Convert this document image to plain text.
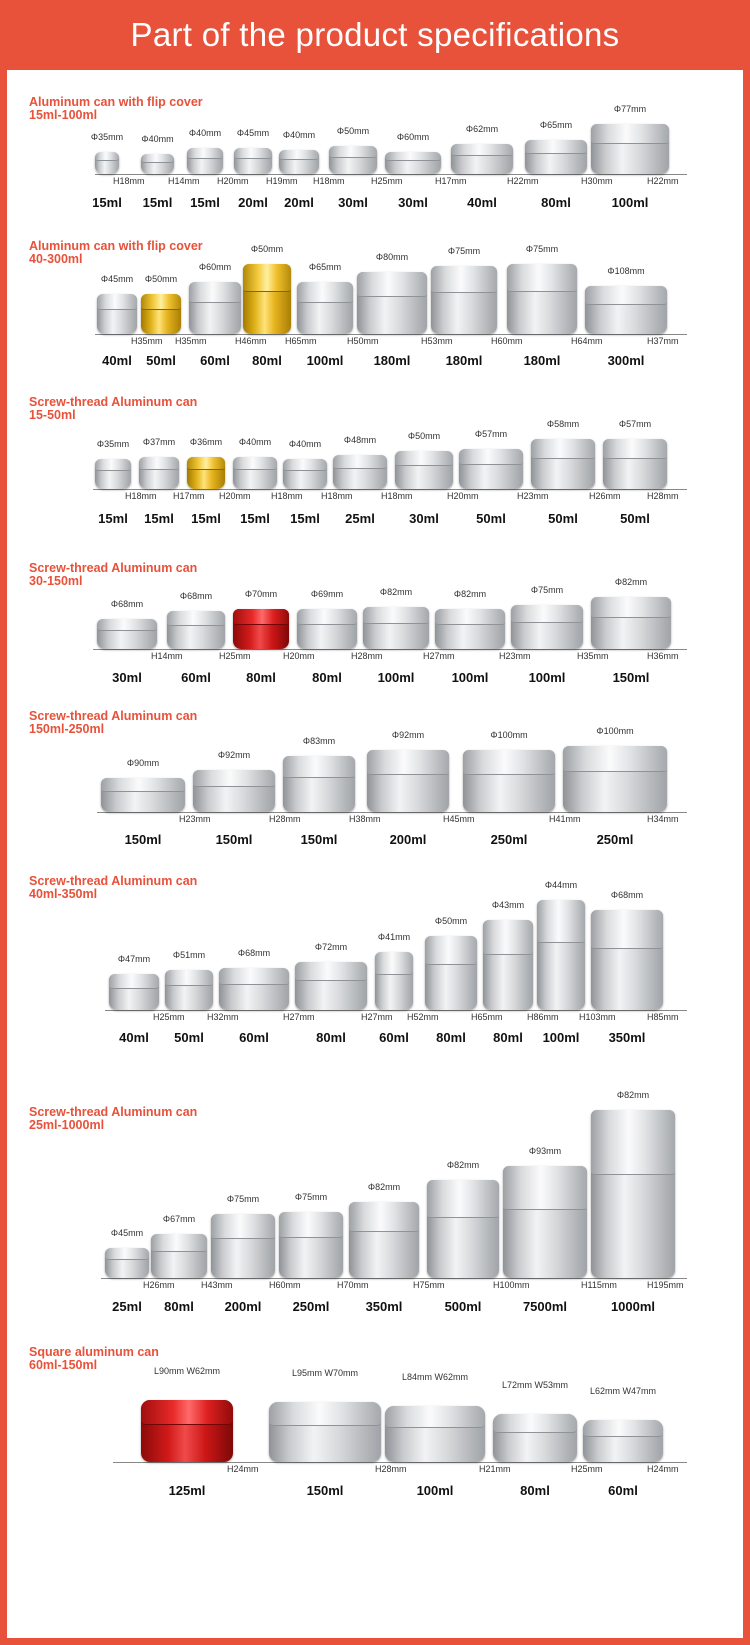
Part of the product specifications
Aluminum can with flip cover
15ml-100ml
Φ35mm
H18mm
15ml
Φ40mm
H14mm
15ml
Φ40mm
H20mm
15ml
Φ45mm
H19mm
20ml
Φ40mm
H18mm
20ml
Φ50mm
H25mm
30ml
Φ60mm
H17mm
30ml
Φ62mm
H22mm
40ml
Φ65mm
H30mm
80ml
Φ77mm
H22mm
100ml
Aluminum can with flip cover
40-300ml
Φ45mm
H35mm
40ml
Φ50mm
H35mm
50ml
Φ60mm
H46mm
60ml
Φ50mm
H65mm
80ml
Φ65mm
H50mm
100ml
Φ80mm
H53mm
180ml
Φ75mm
H60mm
180ml
Φ75mm
H64mm
180ml
Φ108mm
H37mm
300ml
Screw-thread Aluminum can
15-50ml
Φ35mm
H18mm
15ml
Φ37mm
H17mm
15ml
Φ36mm
H20mm
15ml
Φ40mm
H18mm
15ml
Φ40mm
H18mm
15ml
Φ48mm
H18mm
25ml
Φ50mm
H20mm
30ml
Φ57mm
H23mm
50ml
Φ58mm
H26mm
50ml
Φ57mm
H28mm
50ml
Screw-thread Aluminum can
30-150ml
Φ68mm
H14mm
30ml
Φ68mm
H25mm
60ml
Φ70mm
H20mm
80ml
Φ69mm
H28mm
80ml
Φ82mm
H27mm
100ml
Φ82mm
H23mm
100ml
Φ75mm
H35mm
100ml
Φ82mm
H36mm
150ml
Screw-thread Aluminum can
150ml-250ml
Φ90mm
H23mm
150ml
Φ92mm
H28mm
150ml
Φ83mm
H38mm
150ml
Φ92mm
H45mm
200ml
Φ100mm
H41mm
250ml
Φ100mm
H34mm
250ml
Screw-thread Aluminum can
40ml-350ml
Φ47mm
H25mm
40ml
Φ51mm
H32mm
50ml
Φ68mm
H27mm
60ml
Φ72mm
H27mm
80ml
Φ41mm
H52mm
60ml
Φ50mm
H65mm
80ml
Φ43mm
H86mm
80ml
Φ44mm
H103mm
100ml
Φ68mm
H85mm
350ml
Screw-thread Aluminum can
25ml-1000ml
Φ45mm
H26mm
25ml
Φ67mm
H43mm
80ml
Φ75mm
H60mm
200ml
Φ75mm
H70mm
250ml
Φ82mm
H75mm
350ml
Φ82mm
H100mm
500ml
Φ93mm
H115mm
7500ml
Φ82mm
H195mm
1000ml
Square aluminum can
60ml-150ml	L90mm W62mm
H24mm
125ml
L95mm W70mm
H28mm
150ml
L84mm W62mm
H21mm
100ml
L72mm W53mm
H25mm
80ml
L62mm W47mm
H24mm
60ml
